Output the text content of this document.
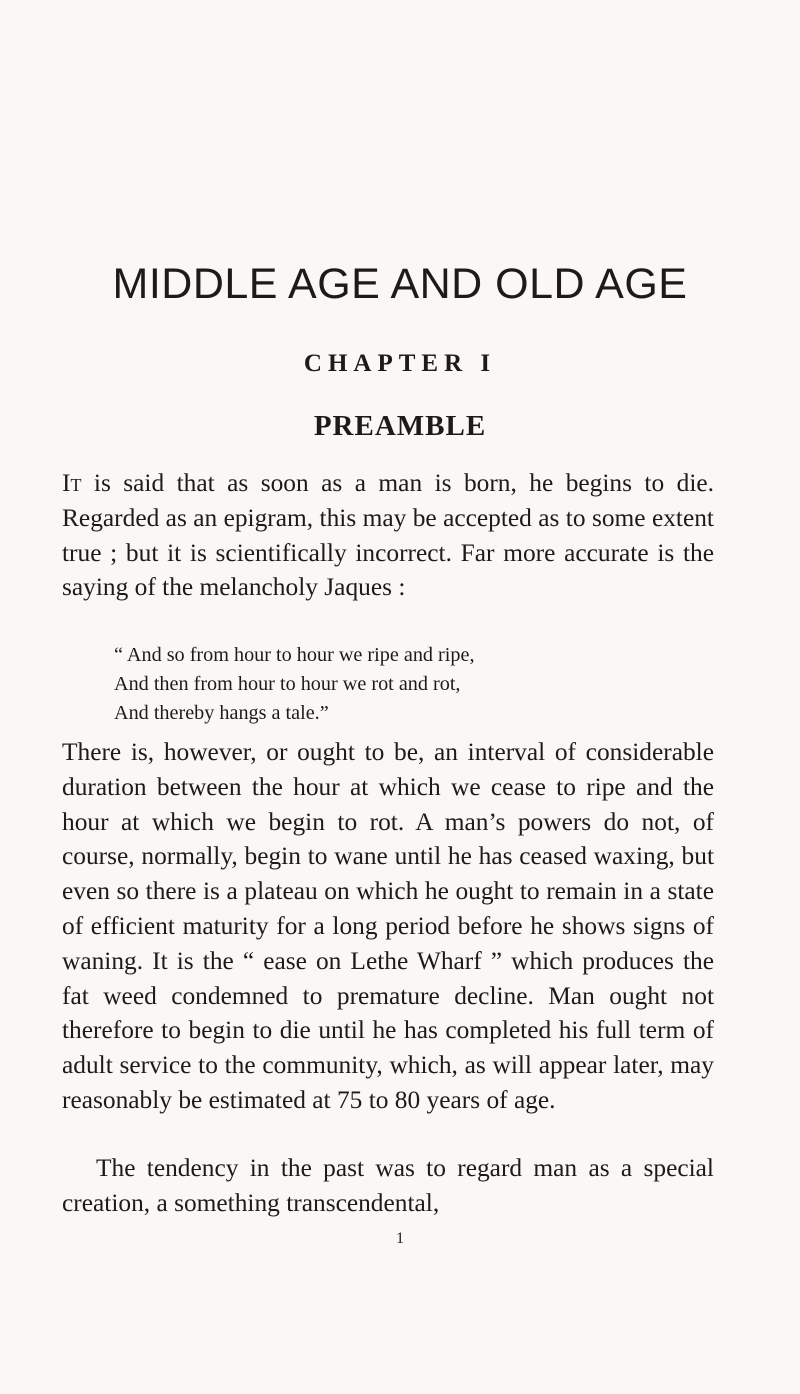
MIDDLE AGE AND OLD AGE
CHAPTER I
PREAMBLE

It is said that as soon as a man is born, he begins to die. Regarded as an epigram, this may be accepted as to some extent true ; but it is scientifically incorrect. Far more accurate is the saying of the melancholy Jaques :

“ And so from hour to hour we ripe and ripe,
And then from hour to hour we rot and rot,
And thereby hangs a tale.”

There is, however, or ought to be, an interval of considerable duration between the hour at which we cease to ripe and the hour at which we begin to rot. A man’s powers do not, of course, normally, begin to wane until he has ceased waxing, but even so there is a plateau on which he ought to remain in a state of efficient maturity for a long period before he shows signs of waning. It is the “ ease on Lethe Wharf ” which produces the fat weed condemned to premature decline. Man ought not therefore to begin to die until he has completed his full term of adult service to the community, which, as will appear later, may reasonably be estimated at 75 to 80 years of age.

The tendency in the past was to regard man as a special creation, a something transcendental,

1
